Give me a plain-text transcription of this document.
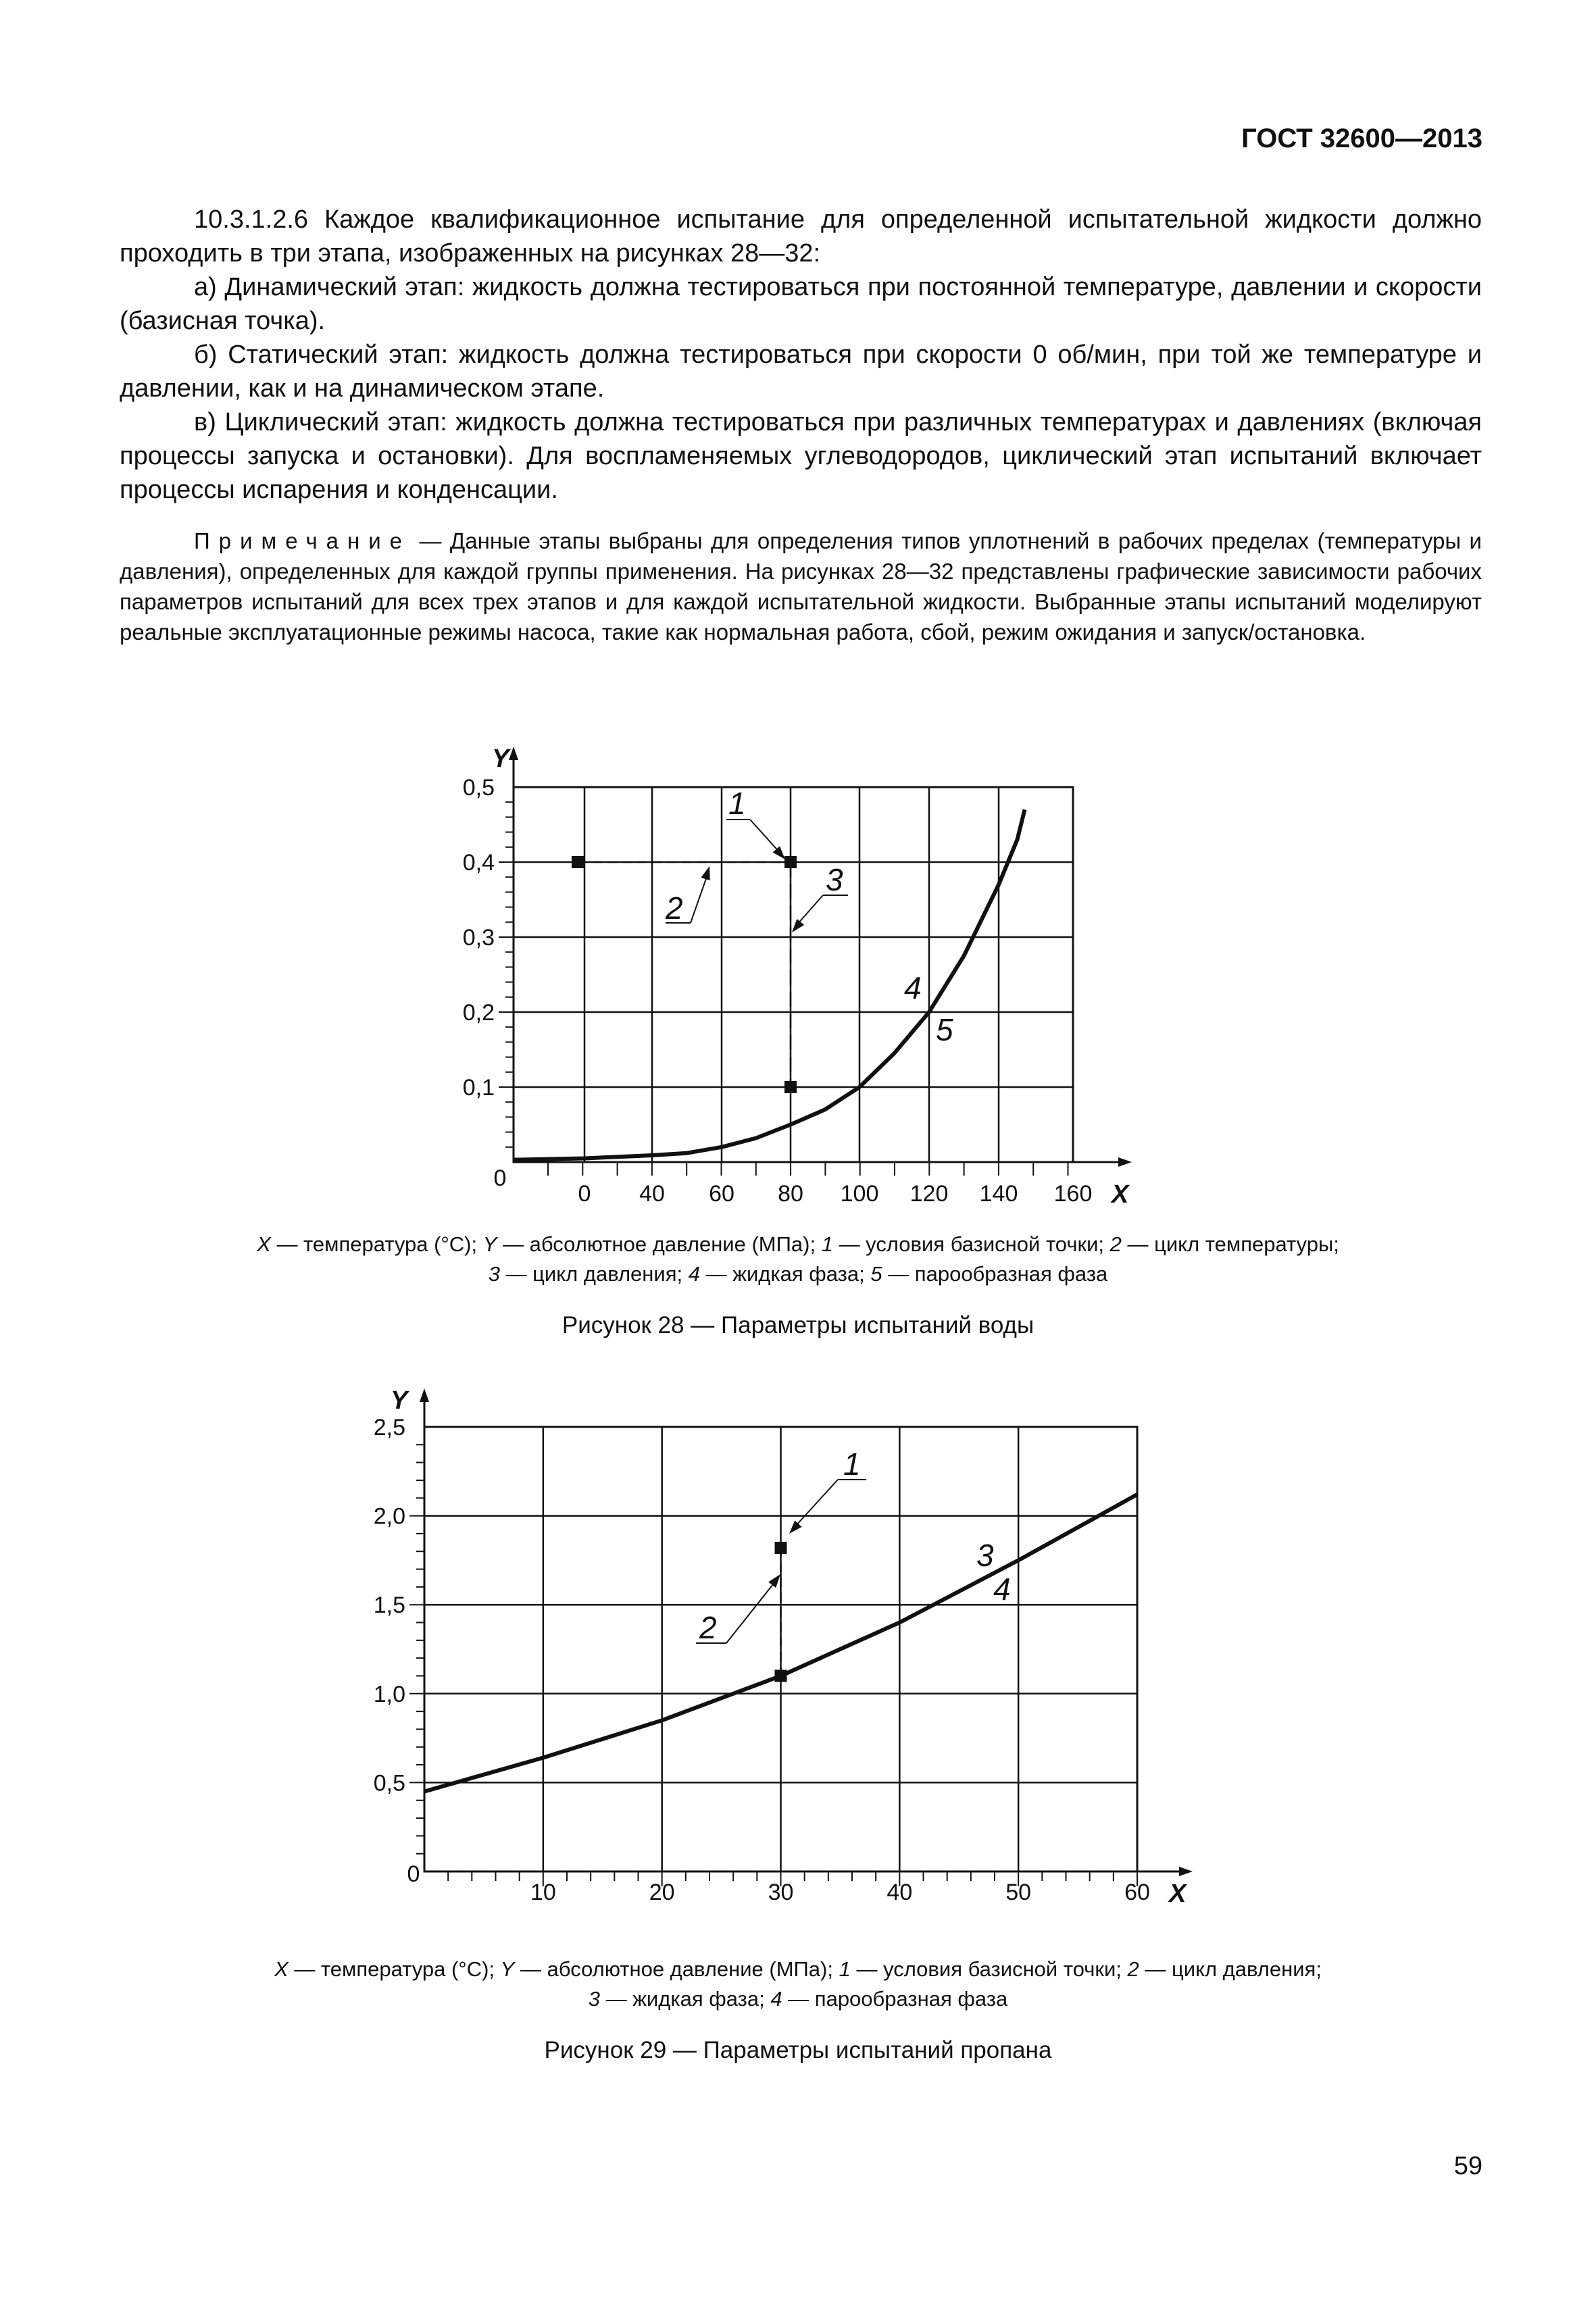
ГОСТ 32600—2013

10.3.1.2.6 Каждое квалификационное испытание для определенной испытательной жидкости должно проходить в три этапа, изображенных на рисунках 28—32:

а) Динамический этап: жидкость должна тестироваться при постоянной температуре, давлении и скорости (базисная точка).

б) Статический этап: жидкость должна тестироваться при скорости 0 об/мин, при той же температуре и давлении, как и на динамическом этапе.

в) Циклический этап: жидкость должна тестироваться при различных температурах и давлениях (включая процессы запуска и остановки). Для воспламеняемых углеводородов, циклический этап испытаний включает процессы испарения и конденсации.

Примечание — Данные этапы выбраны для определения типов уплотнений в рабочих пределах (температуры и давления), определенных для каждой группы применения. На рисунках 28—32 представлены графические зависимости рабочих параметров испытаний для всех трех этапов и для каждой испытательной жидкости. Выбранные этапы испытаний моделируют реальные эксплуатационные режимы насоса, такие как нормальная работа, сбой, режим ожидания и запуск/остановка.
0,1
0,2
0,3
0,4
0,5
0 40 60 80 100 120 140 160
0
X
Y
1
2
3
4
5
0,5
1,0
1,5
2,0
2,5
10	20	30	40	50	60
0
X
Y
1
2
3
4
X — температура (°С); Y — абсолютное давление (МПа); 1 — условия базисной точки; 2 — цикл температуры;
3 — цикл давления; 4 — жидкая фаза; 5 — парообразная фаза
Рисунок 28 — Параметры испытаний воды
X — температура (°С); Y — абсолютное давление (МПа); 1 — условия базисной точки; 2 — цикл давления;
3 — жидкая фаза; 4 — парообразная фаза
Рисунок 29 — Параметры испытаний пропана
59
